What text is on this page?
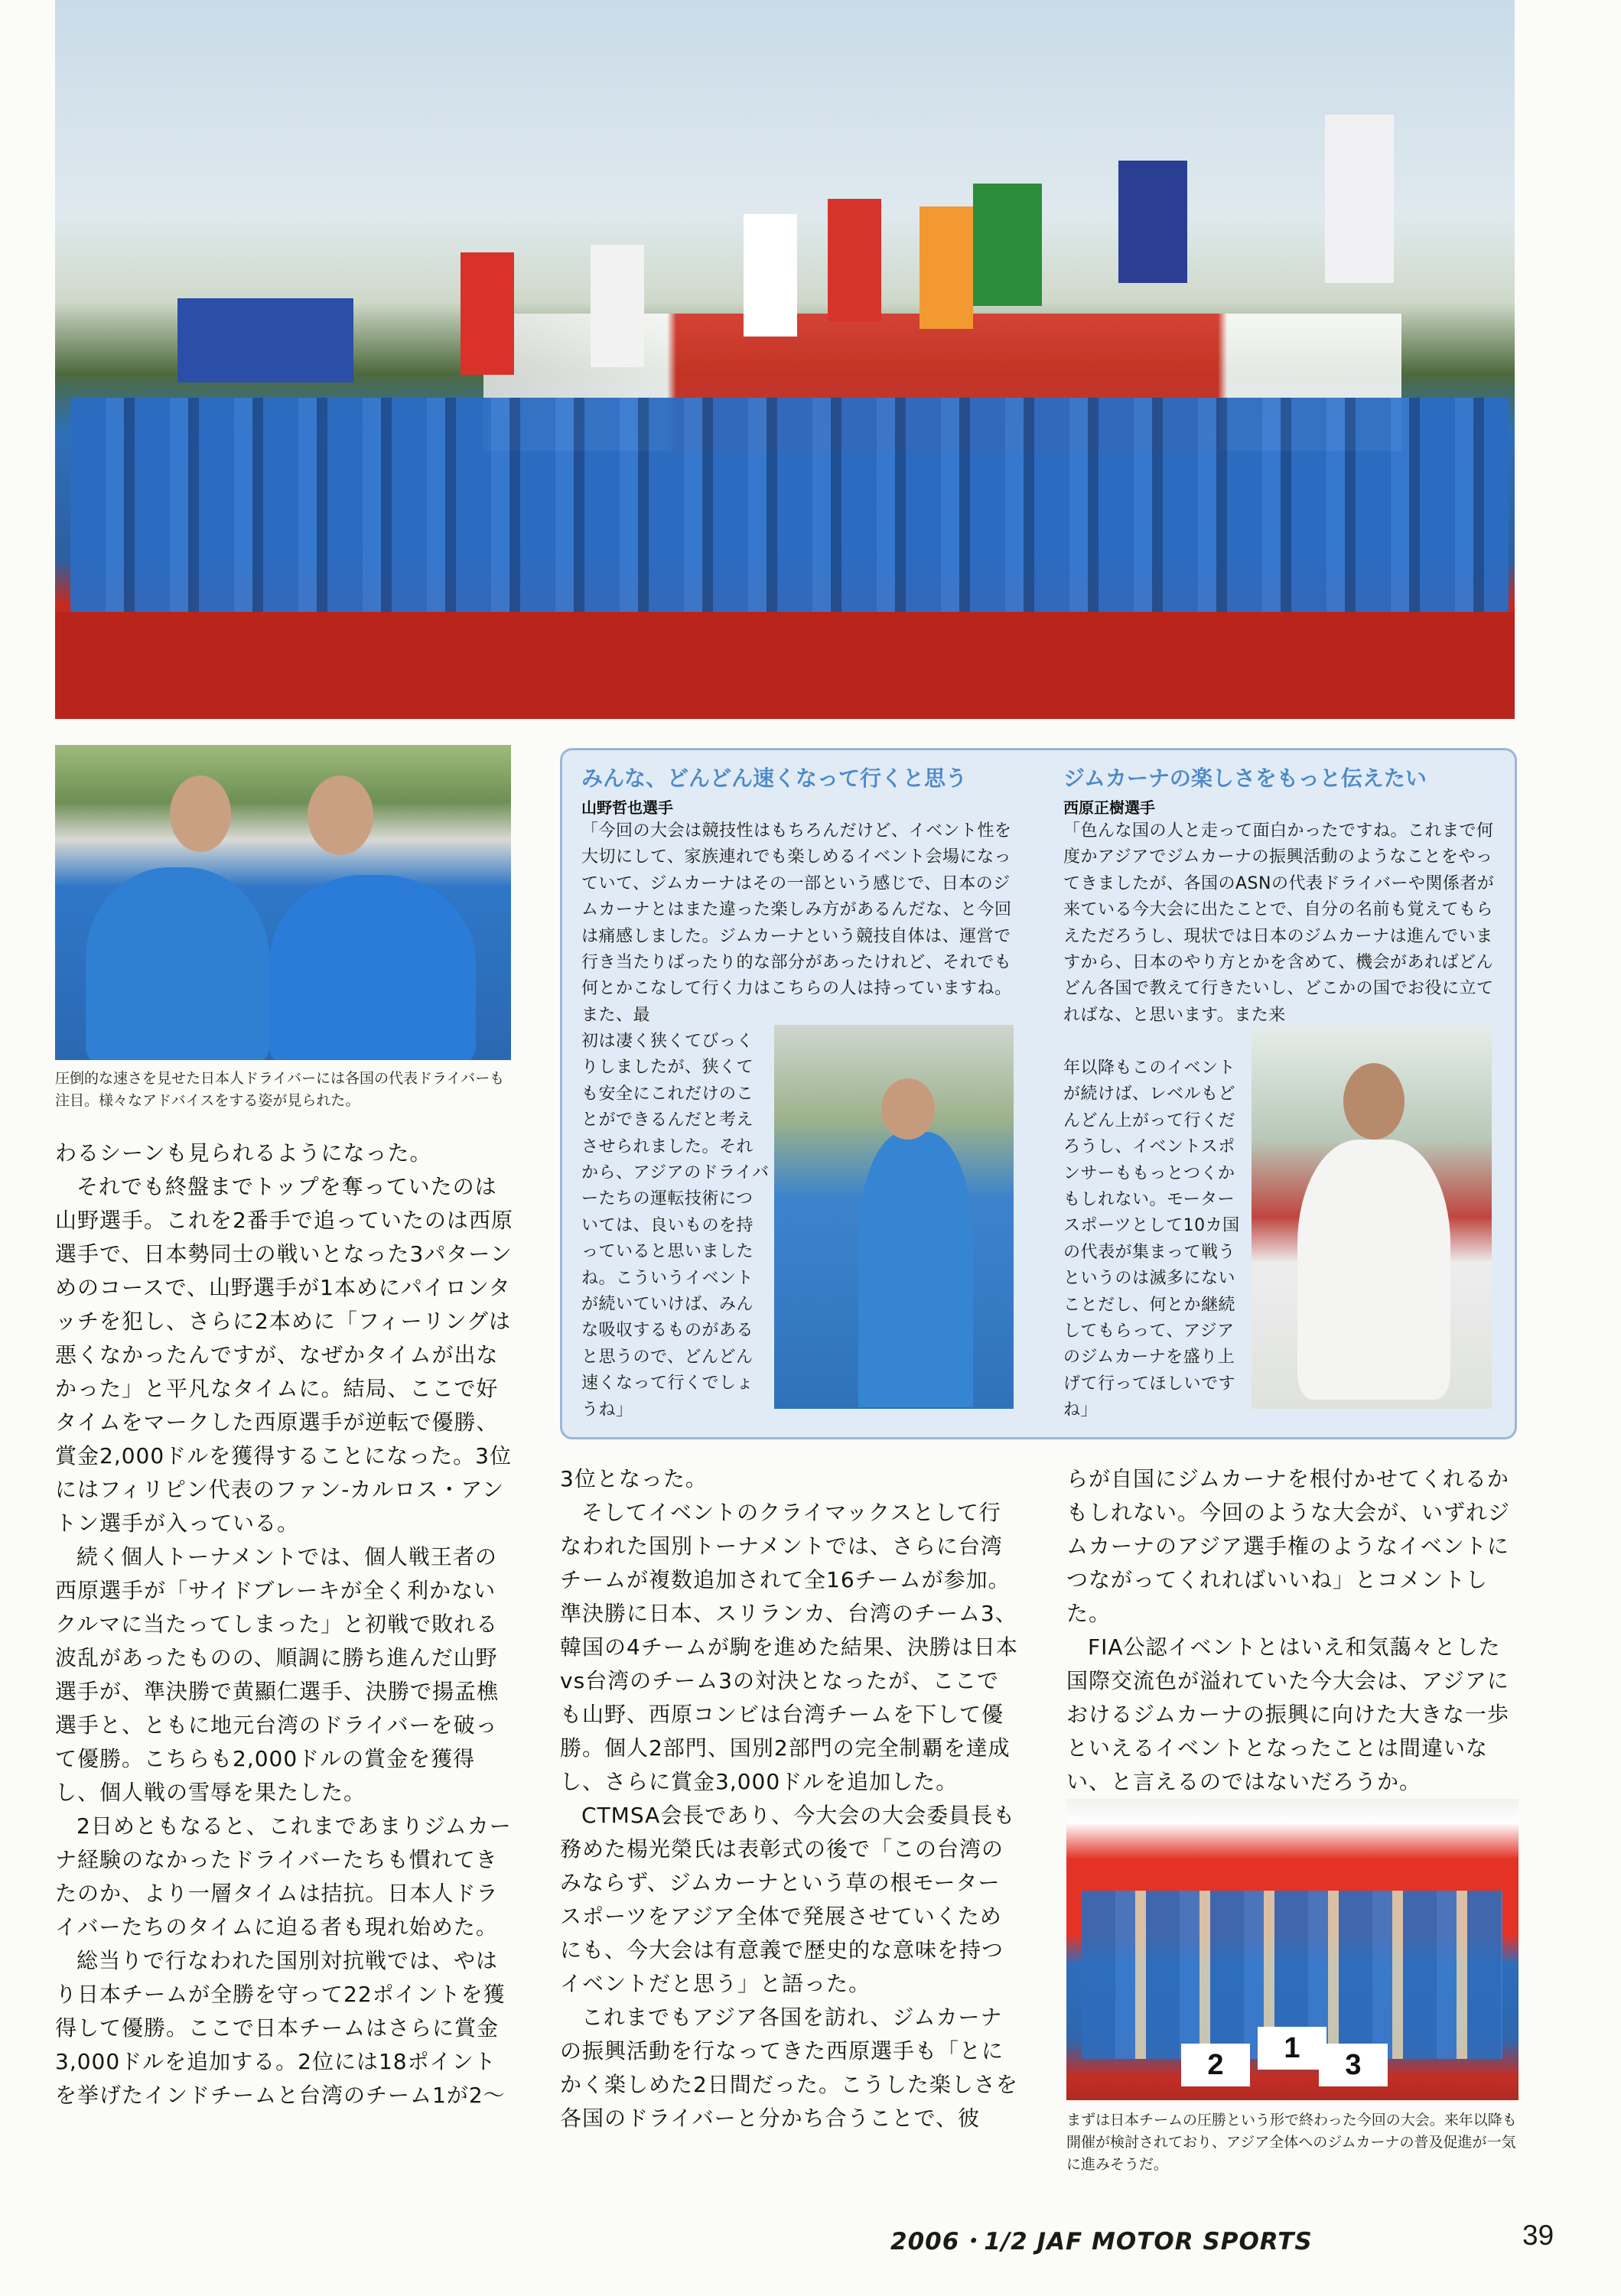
圧倒的な速さを見せた日本人ドライバーには各国の代表ドライバーも注目。様々なアドバイスをする姿が見られた。
みんな、どんどん速くなって行くと思う
山野哲也選手

「今回の大会は競技性はもちろんだけど、イベント性を大切にして、家族連れでも楽しめるイベント会場になっていて、ジムカーナはその一部という感じで、日本のジムカーナとはまた違った楽しみ方があるんだな、と今回は痛感しました。ジムカーナという競技自体は、運営で行き当たりばったり的な部分があったけれど、それでも何とかこなして行く力はこちらの人は持っていますね。また、最

初は凄く狭くてびっくりしましたが、狭くても安全にこれだけのことができるんだと考えさせられました。それから、アジアのドライバーたちの運転技術については、良いものを持っていると思いましたね。こういうイベントが続いていけば、みんな吸収するものがあると思うので、どんどん速くなって行くでしょうね」

ジムカーナの楽しさをもっと伝えたい
西原正樹選手

「色んな国の人と走って面白かったですね。これまで何度かアジアでジムカーナの振興活動のようなことをやってきましたが、各国のASNの代表ドライバーや関係者が来ている今大会に出たことで、自分の名前も覚えてもらえただろうし、現状では日本のジムカーナは進んでいますから、日本のやり方とかを含めて、機会があればどんどん各国で教えて行きたいし、どこかの国でお役に立てればな、と思います。また来

年以降もこのイベントが続けば、レベルもどんどん上がって行くだろうし、イベントスポンサーももっとつくかもしれない。モータースポーツとして10カ国の代表が集まって戦うというのは滅多にないことだし、何とか継続してもらって、アジアのジムカーナを盛り上げて行ってほしいですね」

わるシーンも見られるようになった。

それでも終盤までトップを奪っていたのは山野選手。これを2番手で追っていたのは西原選手で、日本勢同士の戦いとなった3パターンめのコースで、山野選手が1本めにパイロンタッチを犯し、さらに2本めに「フィーリングは悪くなかったんですが、なぜかタイムが出なかった」と平凡なタイムに。結局、ここで好タイムをマークした西原選手が逆転で優勝、賞金2,000ドルを獲得することになった。3位にはフィリピン代表のファン-カルロス・アントン選手が入っている。

続く個人トーナメントでは、個人戦王者の西原選手が「サイドブレーキが全く利かないクルマに当たってしまった」と初戦で敗れる波乱があったものの、順調に勝ち進んだ山野選手が、準決勝で黄顯仁選手、決勝で揚孟樵選手と、ともに地元台湾のドライバーを破って優勝。こちらも2,000ドルの賞金を獲得し、個人戦の雪辱を果たした。

2日めともなると、これまであまりジムカーナ経験のなかったドライバーたちも慣れてきたのか、より一層タイムは拮抗。日本人ドライバーたちのタイムに迫る者も現れ始めた。

総当りで行なわれた国別対抗戦では、やはり日本チームが全勝を守って22ポイントを獲得して優勝。ここで日本チームはさらに賞金3,000ドルを追加する。2位には18ポイントを挙げたインドチームと台湾のチーム1が2〜

3位となった。

そしてイベントのクライマックスとして行なわれた国別トーナメントでは、さらに台湾チームが複数追加されて全16チームが参加。準決勝に日本、スリランカ、台湾のチーム3、韓国の4チームが駒を進めた結果、決勝は日本vs台湾のチーム3の対決となったが、ここでも山野、西原コンビは台湾チームを下して優勝。個人2部門、国別2部門の完全制覇を達成し、さらに賞金3,000ドルを追加した。

CTMSA会長であり、今大会の大会委員長も務めた楊光榮氏は表彰式の後で「この台湾のみならず、ジムカーナという草の根モータースポーツをアジア全体で発展させていくためにも、今大会は有意義で歴史的な意味を持つイベントだと思う」と語った。

これまでもアジア各国を訪れ、ジムカーナの振興活動を行なってきた西原選手も「とにかく楽しめた2日間だった。こうした楽しさを各国のドライバーと分かち合うことで、彼

らが自国にジムカーナを根付かせてくれるかもしれない。今回のような大会が、いずれジムカーナのアジア選手権のようなイベントにつながってくれればいいね」とコメントした。

FIA公認イベントとはいえ和気藹々とした国際交流色が溢れていた今大会は、アジアにおけるジムカーナの振興に向けた大きな一歩といえるイベントとなったことは間違いない、と言えるのではないだろうか。

2
1
3
まずは日本チームの圧勝という形で終わった今回の大会。来年以降も開催が検討されており、アジア全体へのジムカーナの普及促進が一気に進みそうだ。
2006・1/2 JAF MOTOR SPORTS	39
